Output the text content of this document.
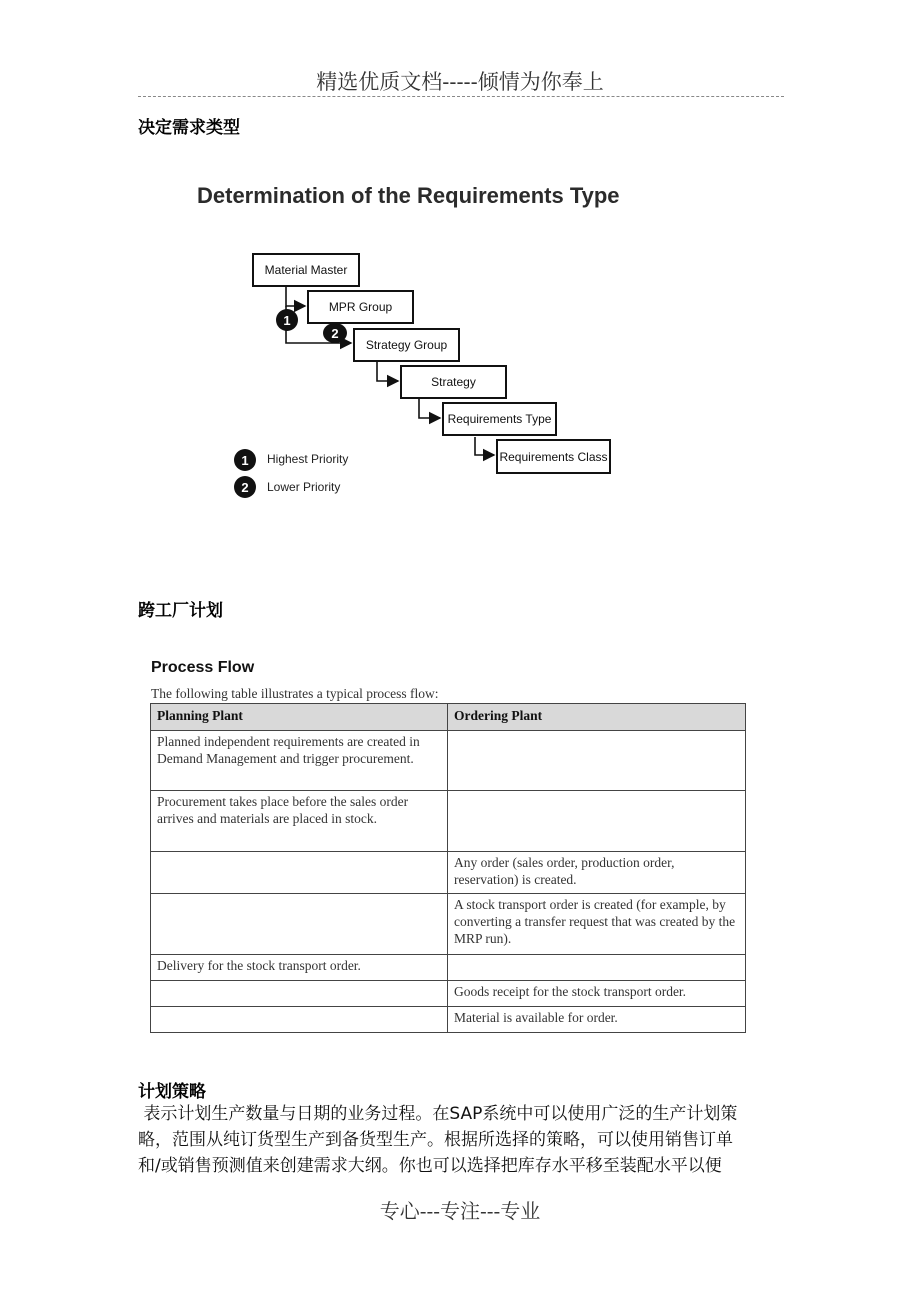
精选优质文档-----倾情为你奉上
决定需求类型
Determination of the Requirements Type
Material Master
MPR Group
Strategy Group
Strategy
Requirements Type
Requirements Class
1
2
1	Highest Priority
2	Lower Priority
跨工厂计划
Process Flow
The following table illustrates a typical process flow:
Planning Plant	Ordering Plant
Planned independent requirements are created in Demand Management and trigger procurement.	
Procurement takes place before the sales order arrives and materials are placed in stock.	
	Any order (sales order, production order, reservation) is created.
	A stock transport order is created (for example, by converting a transfer request that was created by the MRP run).
Delivery for the stock transport order.	
	Goods receipt for the stock transport order.
	Material is available for order.
计划策略

表示计划生产数量与日期的业务过程。在SAP系统中可以使用广泛的生产计划策

略，范围从纯订货型生产到备货型生产。根据所选择的策略，可以使用销售订单

和/或销售预测值来创建需求大纲。你也可以选择把库存水平移至装配水平以便

专心---专注---专业
